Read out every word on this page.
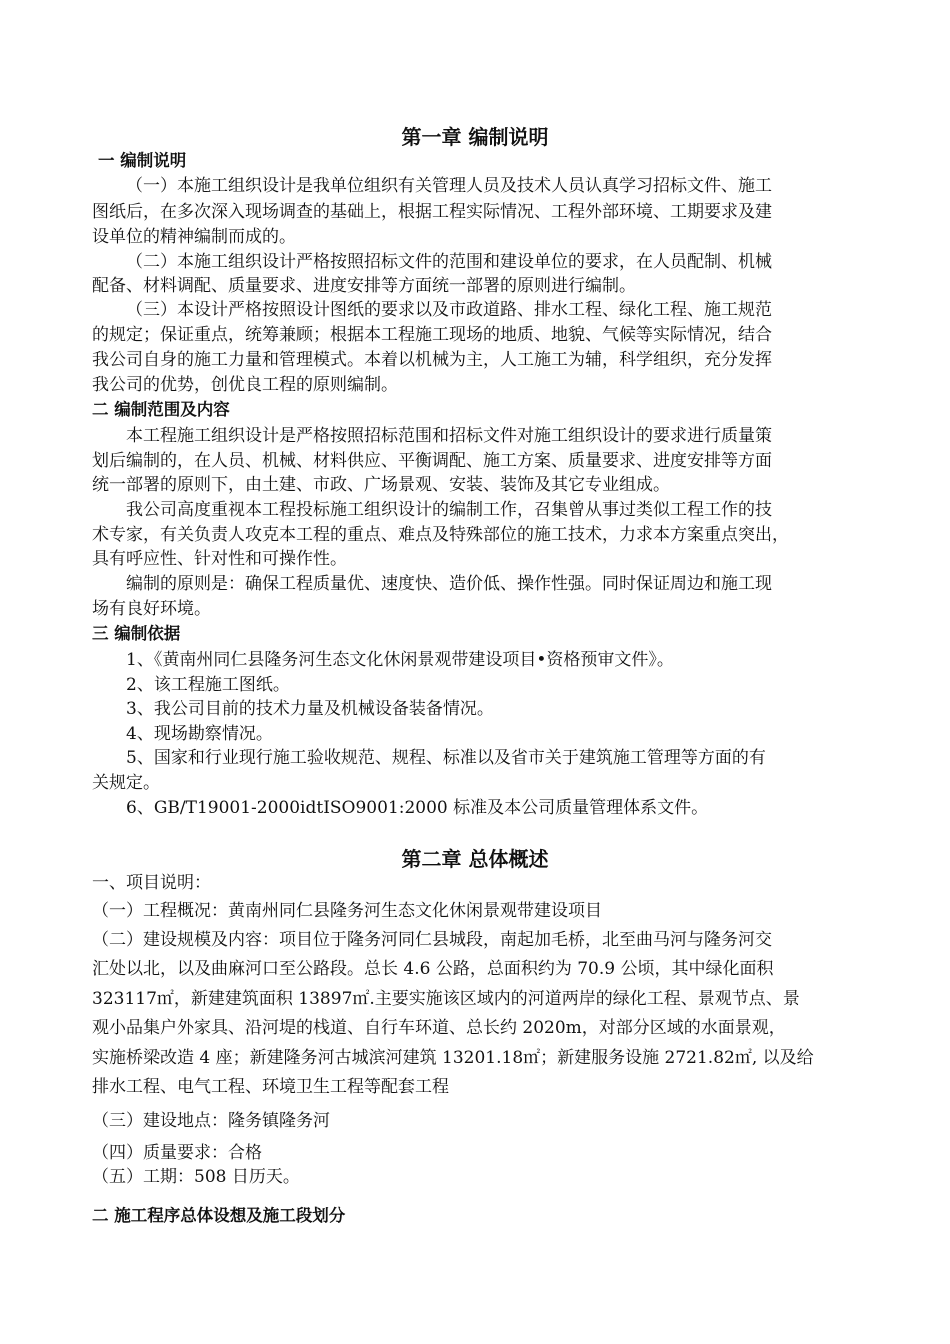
第一章 编制说明
一 编制说明
（一）本施工组织设计是我单位组织有关管理人员及技术人员认真学习招标文件、施工
图纸后，在多次深入现场调查的基础上，根据工程实际情况、工程外部环境、工期要求及建
设单位的精神编制而成的。
（二）本施工组织设计严格按照招标文件的范围和建设单位的要求，在人员配制、机械
配备、材料调配、质量要求、进度安排等方面统一部署的原则进行编制。
（三）本设计严格按照设计图纸的要求以及市政道路、排水工程、绿化工程、施工规范
的规定；保证重点，统筹兼顾；根据本工程施工现场的地质、地貌、气候等实际情况，结合
我公司自身的施工力量和管理模式。本着以机械为主，人工施工为辅，科学组织，充分发挥
我公司的优势，创优良工程的原则编制。
二 编制范围及内容
本工程施工组织设计是严格按照招标范围和招标文件对施工组织设计的要求进行质量策
划后编制的，在人员、机械、材料供应、平衡调配、施工方案、质量要求、进度安排等方面
统一部署的原则下，由土建、市政、广场景观、安装、装饰及其它专业组成。
我公司高度重视本工程投标施工组织设计的编制工作，召集曾从事过类似工程工作的技
术专家，有关负责人攻克本工程的重点、难点及特殊部位的施工技术，力求本方案重点突出，
具有呼应性、针对性和可操作性。
编制的原则是：确保工程质量优、速度快、造价低、操作性强。同时保证周边和施工现
场有良好环境。
三 编制依据
1、《黄南州同仁县隆务河生态文化休闲景观带建设项目•资格预审文件》。
2、该工程施工图纸。
3、我公司目前的技术力量及机械设备装备情况。
4、现场勘察情况。
5、国家和行业现行施工验收规范、规程、标准以及省市关于建筑施工管理等方面的有
关规定。
6、GB/T19001-2000idtISO9001:2000 标准及本公司质量管理体系文件。
第二章 总体概述
一、项目说明：
（一）工程概况：黄南州同仁县隆务河生态文化休闲景观带建设项目
（二）建设规模及内容：项目位于隆务河同仁县城段，南起加毛桥，北至曲马河与隆务河交
汇处以北，以及曲麻河口至公路段。总长 4.6 公路，总面积约为 70.9 公顷，其中绿化面积
323117㎡，新建建筑面积 13897㎡.主要实施该区域内的河道两岸的绿化工程、景观节点、景
观小品集户外家具、沿河堤的栈道、自行车环道、总长约 2020m，对部分区域的水面景观，
实施桥梁改造 4 座；新建隆务河古城滨河建筑 13201.18㎡；新建服务设施 2721.82㎡, 以及给
排水工程、电气工程、环境卫生工程等配套工程
（三）建设地点：隆务镇隆务河
（四）质量要求：合格
（五）工期：508 日历天。
二 施工程序总体设想及施工段划分
